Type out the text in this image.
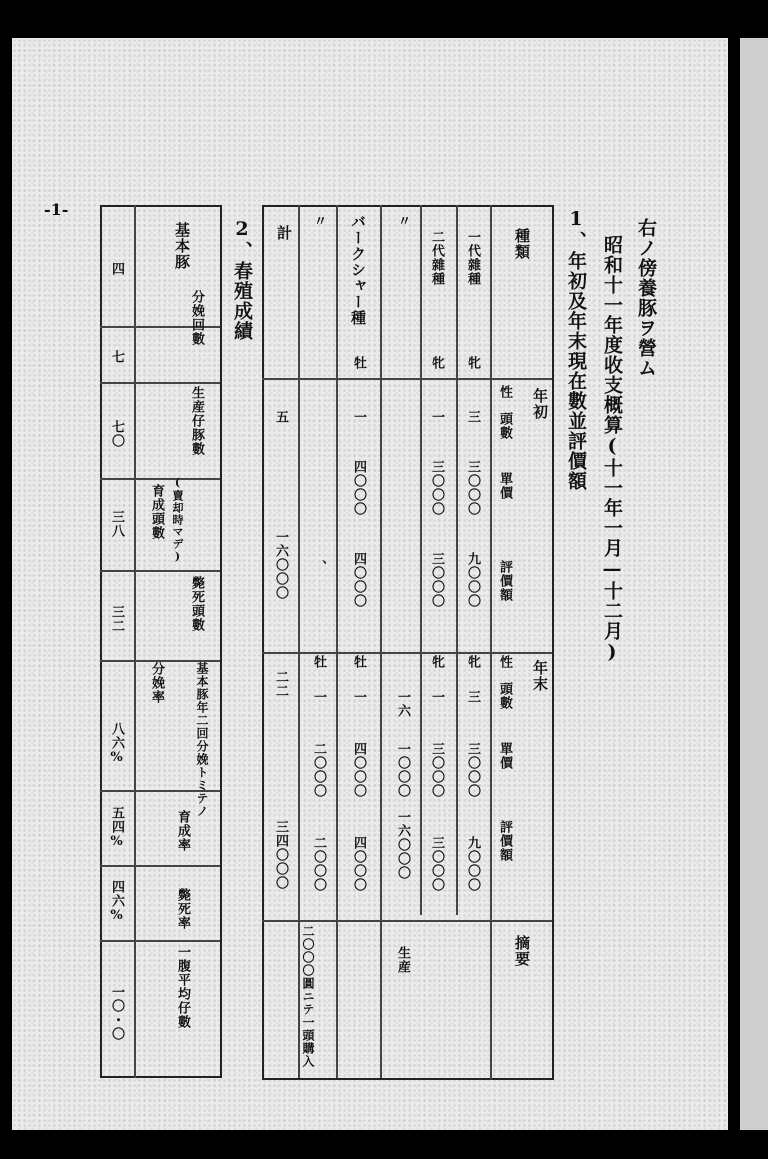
-1-
右ノ傍養豚ヲ營ム
昭和十一年度收支概算(十一年一月—十二月)
1、年初及年末現在數並評價額
種類
年初
年末
性
頭數
單價
評價額
性
頭數
單價
評價額
摘要
一代雜種
牝
三
三〇〇〇
九〇〇〇
牝
三
三〇〇〇
九〇〇〇
二代雜種
牝
一
三〇〇〇
三〇〇〇
牝
一
三〇〇〇
三〇〇〇
〃
一六
一〇〇〇
一六〇〇〇
生産
バークシャー種
牡
一
四〇〇〇
四〇〇〇
牡
一
四〇〇〇
四〇〇〇
〃
、
牡
一
二〇〇〇
二〇〇〇
二〇〇〇圓ニテ一頭購入
計
五
一六〇〇〇
二二
三四〇〇〇
2、春殖成績
基本豚
分娩回數
生産仔豚數
(賣却時マデ)
育成頭數
斃死頭數
基本豚年二回分娩トミテノ
分娩率
育成率
斃死率
一腹平均仔數
四
七
七〇
三八
三二
八六%
五四%
四六%
一〇・〇
